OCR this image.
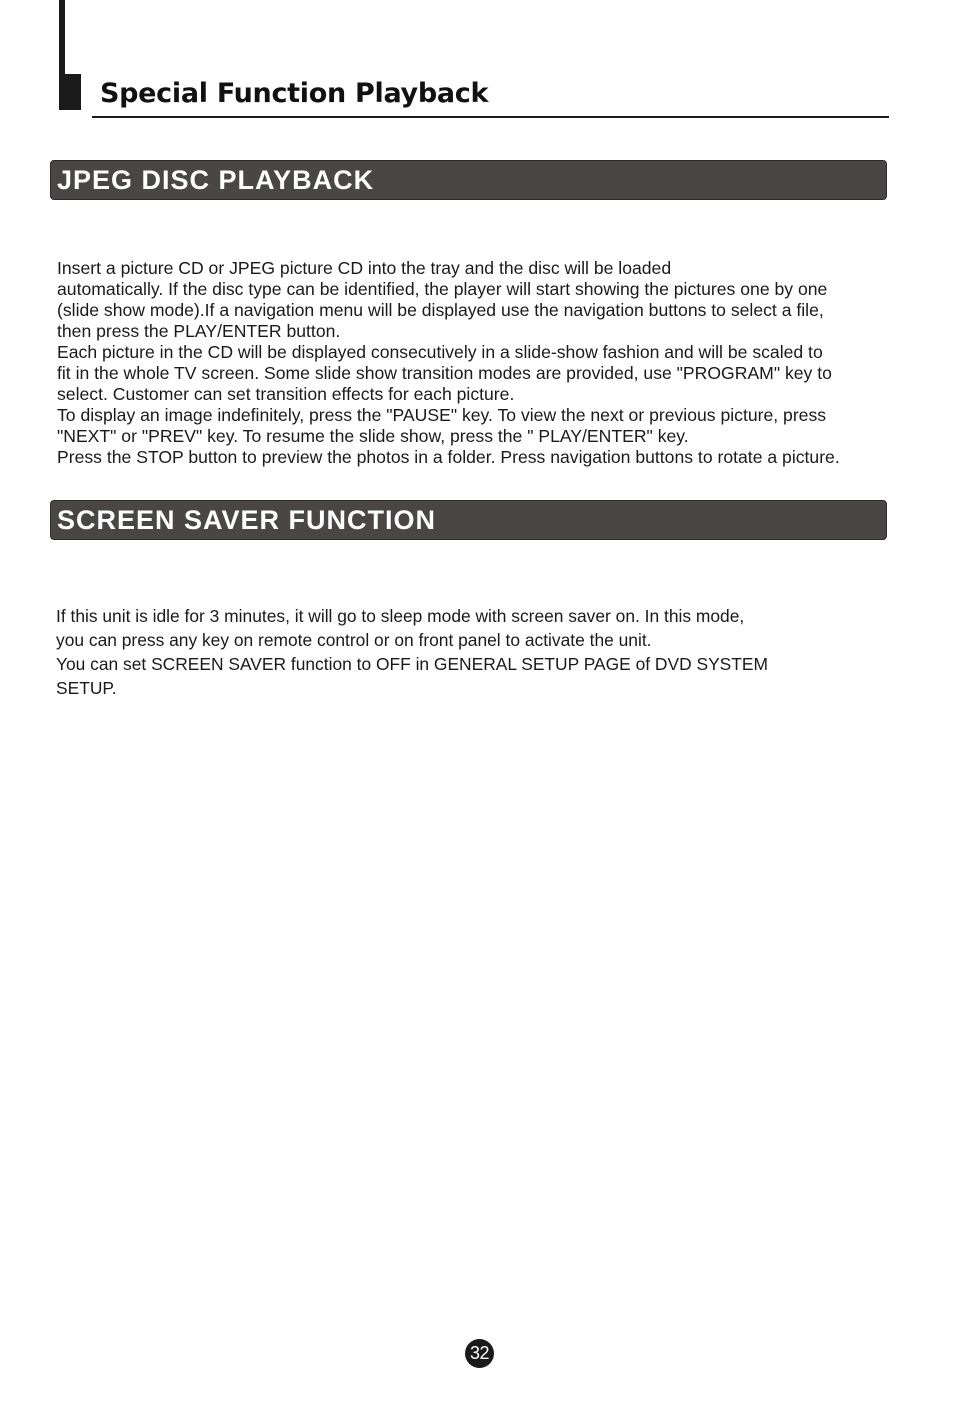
Special Function Playback
JPEG DISC PLAYBACK
Insert a picture CD or JPEG picture CD into the tray and the disc will be loaded
automatically. If the disc type can be identified, the player will start showing the pictures one by one
(slide show mode).If a navigation menu will be displayed use the navigation buttons to select a file,
then press the PLAY/ENTER button.
Each picture in the CD will be displayed consecutively in a slide-show fashion and will be scaled to
fit in the whole TV screen. Some slide show transition modes are provided, use "PROGRAM" key to
select. Customer can set transition effects for each picture.
To display an image indefinitely, press the "PAUSE" key. To view the next or previous picture, press
"NEXT" or "PREV" key. To resume the slide show, press the " PLAY/ENTER" key.
Press the STOP button to preview the photos in a folder. Press navigation buttons to rotate a picture.
SCREEN SAVER FUNCTION
If this unit is idle for 3 minutes, it will go to sleep mode with screen saver on. In this mode,
you can press any key on remote control or on front panel to activate the unit.
You can set SCREEN SAVER function to OFF in GENERAL SETUP PAGE of DVD SYSTEM
SETUP.
32
